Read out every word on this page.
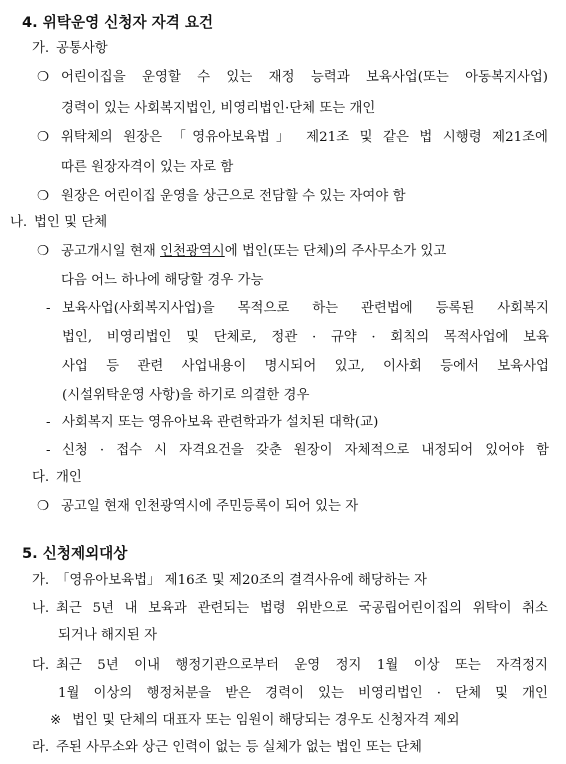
4. 위탁운영 신청자 자격 요건
가. 공통사항
❍ 어린이집을 운영할 수 있는 재정 능력과 보육사업(또는 아동복지사업)
경력이 있는 사회복지법인, 비영리법인·단체 또는 개인
❍ 위탁체의 원장은 「영유아보육법」 제21조 및 같은 법 시행령 제21조에
따른 원장자격이 있는 자로 함
❍ 원장은 어린이집 운영을 상근으로 전담할 수 있는 자여야 함
나. 법인 및 단체
❍ 공고개시일 현재 인천광역시에 법인(또는 단체)의 주사무소가 있고
다음 어느 하나에 해당할 경우 가능
- 보육사업(사회복지사업)을 목적으로 하는 관련법에 등록된 사회복지
법인, 비영리법인 및 단체로, 정관 · 규약 · 회칙의 목적사업에 보육
사업 등 관련 사업내용이 명시되어 있고, 이사회 등에서 보육사업
(시설위탁운영 사항)을 하기로 의결한 경우
- 사회복지 또는 영유아보육 관련학과가 설치된 대학(교)
- 신청 · 접수 시 자격요건을 갖춘 원장이 자체적으로 내정되어 있어야 함
다. 개인
❍ 공고일 현재 인천광역시에 주민등록이 되어 있는 자
5. 신청제외대상
가. 「영유아보육법」 제16조 및 제20조의 결격사유에 해당하는 자
나. 최근 5년 내 보육과 관련되는 법령 위반으로 국공립어린이집의 위탁이 취소
되거나 해지된 자
다. 최근 5년 이내 행정기관으로부터 운영 정지 1월 이상 또는 자격정지
1월 이상의 행정처분을 받은 경력이 있는 비영리법인 · 단체 및 개인
※ 법인 및 단체의 대표자 또는 임원이 해당되는 경우도 신청자격 제외
라. 주된 사무소와 상근 인력이 없는 등 실체가 없는 법인 또는 단체
